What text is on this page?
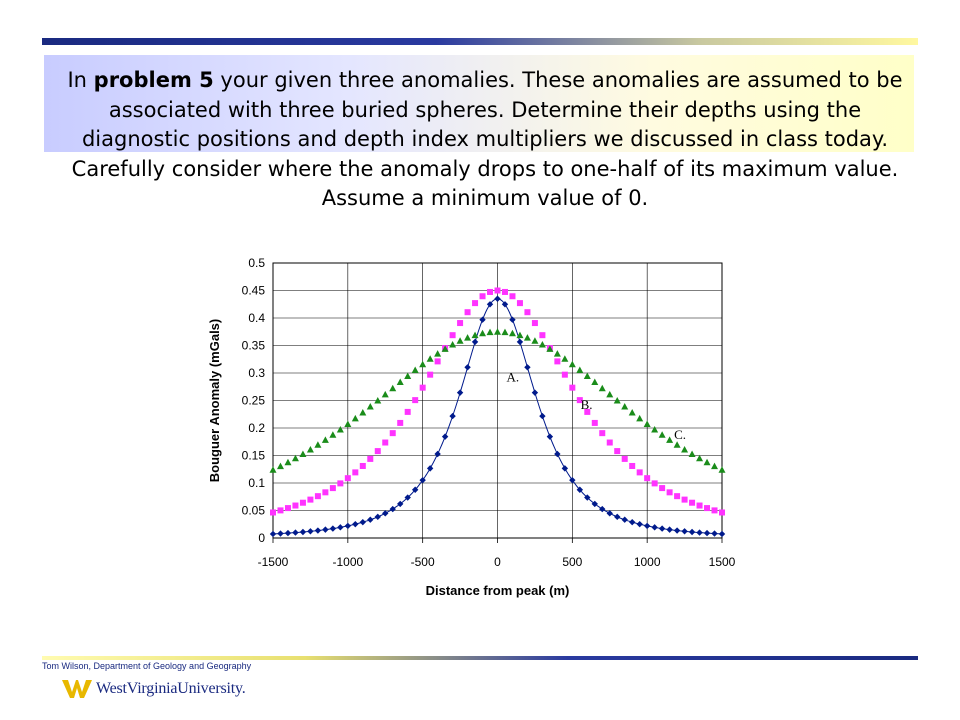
In problem 5 your given three anomalies. These anomalies are assumed to be associated with three buried spheres. Determine their depths using the diagnostic positions and depth index multipliers we discussed in class today. Carefully consider where the anomaly drops to one-half of its maximum value. Assume a minimum value of 0.
0
0.05
0.1
0.15
0.2
0.25
0.3
0.35
0.4
0.45
0.5
-1500	-1000	-500	0	500	1000	1500
Distance from peak (m)
Bouguer Anomaly (mGals)	A.
B.
C.
Tom Wilson, Department of Geology and Geography
WestVirginiaUniversity.
